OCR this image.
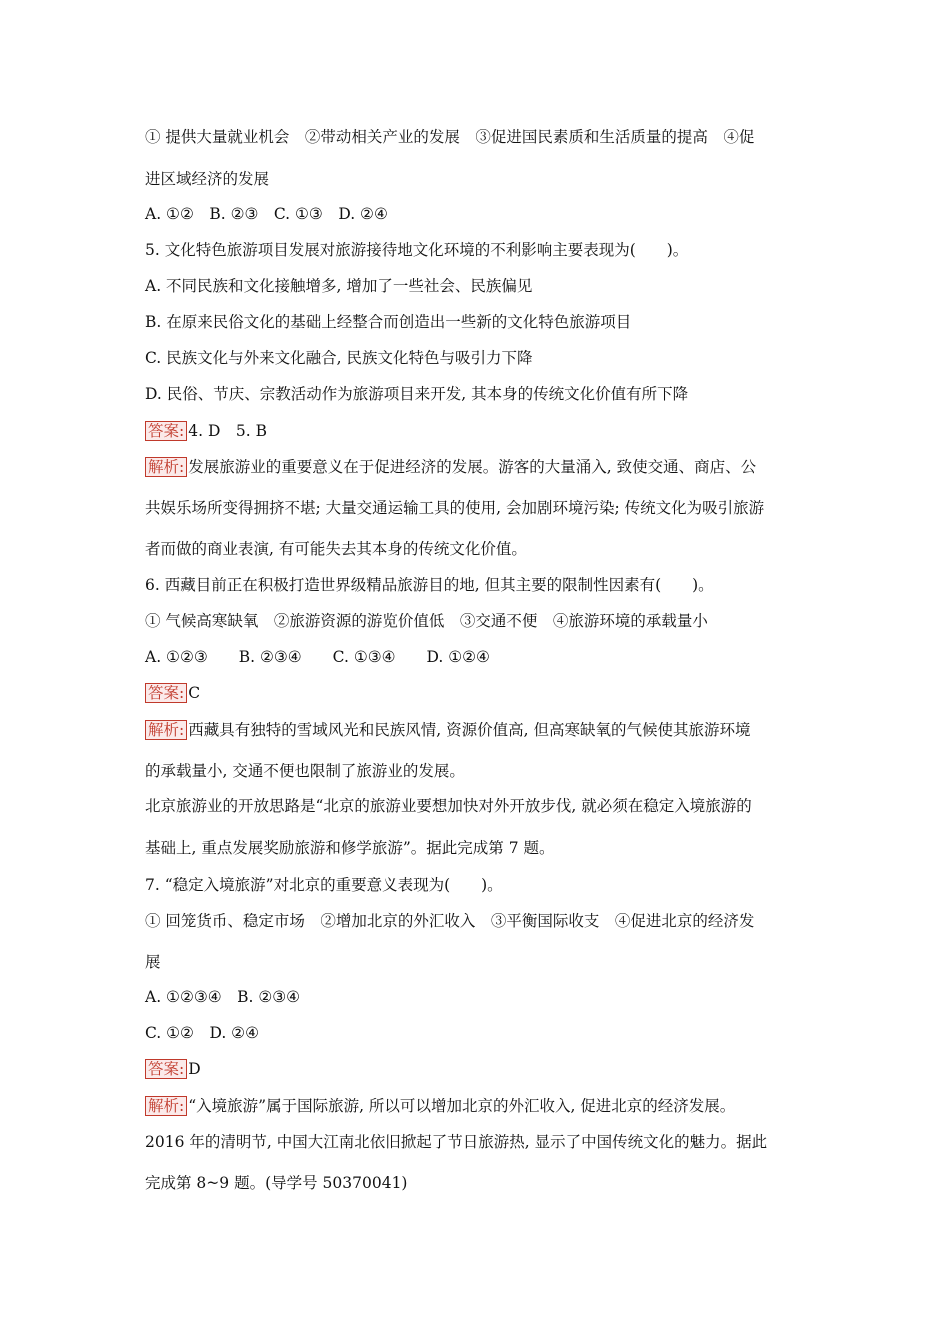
① 提供大量就业机会　②带动相关产业的发展　③促进国民素质和生活质量的提高　④促
进区域经济的发展
A. ①②　B. ②③　C. ①③　D. ②④
5. 文化特色旅游项目发展对旅游接待地文化环境的不利影响主要表现为(　　)。
A. 不同民族和文化接触增多, 增加了一些社会、民族偏见
B. 在原来民俗文化的基础上经整合而创造出一些新的文化特色旅游项目
C. 民族文化与外来文化融合, 民族文化特色与吸引力下降
D. 民俗、节庆、宗教活动作为旅游项目来开发, 其本身的传统文化价值有所下降
答案: 4. D　5. B
解析: 发展旅游业的重要意义在于促进经济的发展。游客的大量涌入, 致使交通、商店、公
共娱乐场所变得拥挤不堪; 大量交通运输工具的使用, 会加剧环境污染; 传统文化为吸引旅游
者而做的商业表演, 有可能失去其本身的传统文化价值。
6. 西藏目前正在积极打造世界级精品旅游目的地, 但其主要的限制性因素有(　　)。
① 气候高寒缺氧　②旅游资源的游览价值低　③交通不便　④旅游环境的承载量小
A. ①②③　　B. ②③④　　C. ①③④　　D. ①②④
答案: C
解析: 西藏具有独特的雪域风光和民族风情, 资源价值高, 但高寒缺氧的气候使其旅游环境
的承载量小, 交通不便也限制了旅游业的发展。
北京旅游业的开放思路是“北京的旅游业要想加快对外开放步伐, 就必须在稳定入境旅游的
基础上, 重点发展奖励旅游和修学旅游”。据此完成第 7 题。
7. “稳定入境旅游”对北京的重要意义表现为(　　)。
① 回笼货币、稳定市场　②增加北京的外汇收入　③平衡国际收支　④促进北京的经济发
展
A. ①②③④　B. ②③④
C. ①②　D. ②④
答案: D
解析: “入境旅游”属于国际旅游, 所以可以增加北京的外汇收入, 促进北京的经济发展。
2016 年的清明节, 中国大江南北依旧掀起了节日旅游热, 显示了中国传统文化的魅力。据此
完成第 8~9 题。(导学号 50370041)
